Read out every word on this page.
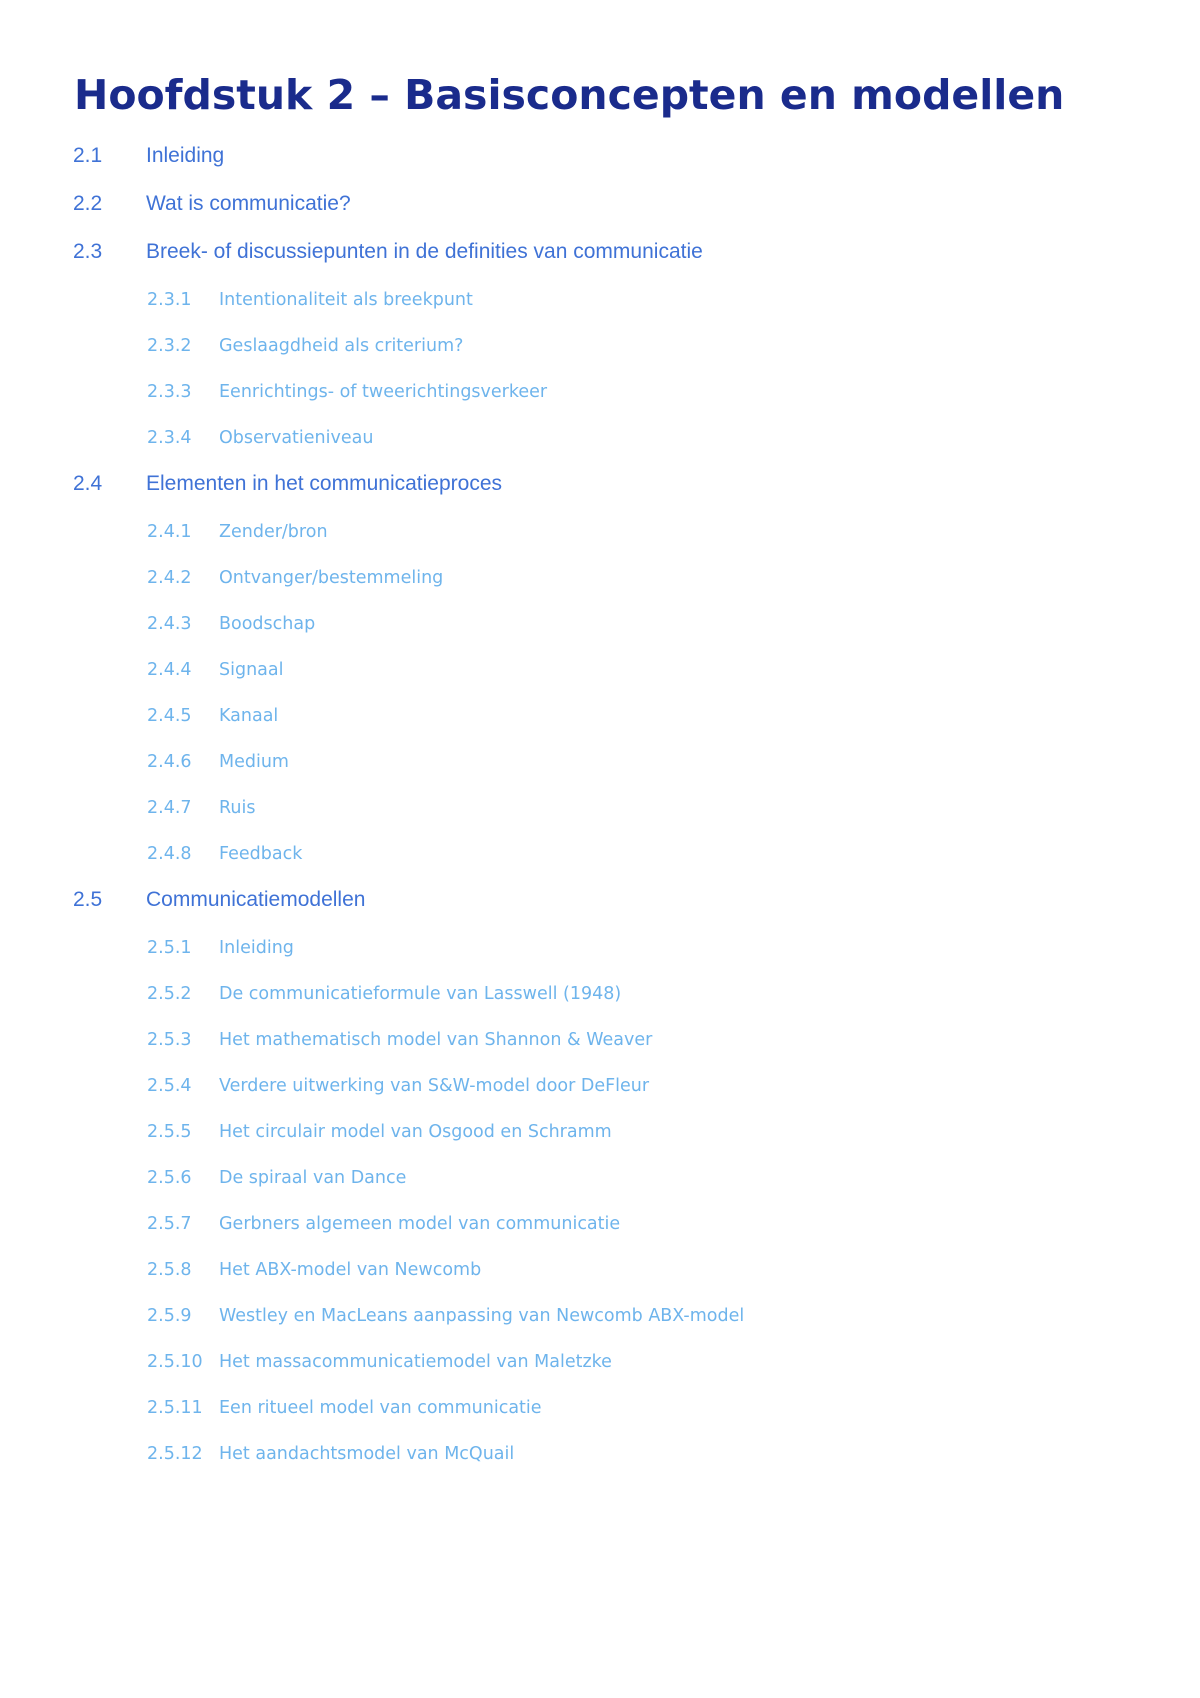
Hoofdstuk 2 – Basisconcepten en modellen
2.1 Inleiding
2.2 Wat is communicatie?
2.3 Breek- of discussiepunten in de definities van communicatie
2.3.1 Intentionaliteit als breekpunt
2.3.2 Geslaagdheid als criterium?
2.3.3 Eenrichtings- of tweerichtingsverkeer
2.3.4 Observatieniveau
2.4 Elementen in het communicatieproces
2.4.1 Zender/bron
2.4.2 Ontvanger/bestemmeling
2.4.3 Boodschap
2.4.4 Signaal
2.4.5 Kanaal
2.4.6 Medium
2.4.7 Ruis
2.4.8 Feedback
2.5 Communicatiemodellen
2.5.1 Inleiding
2.5.2 De communicatieformule van Lasswell (1948)
2.5.3 Het mathematisch model van Shannon & Weaver
2.5.4 Verdere uitwerking van S&W-model door DeFleur
2.5.5 Het circulair model van Osgood en Schramm
2.5.6 De spiraal van Dance
2.5.7 Gerbners algemeen model van communicatie
2.5.8 Het ABX-model van Newcomb
2.5.9 Westley en MacLeans aanpassing van Newcomb ABX-model
2.5.10 Het massacommunicatiemodel van Maletzke
2.5.11 Een ritueel model van communicatie
2.5.12 Het aandachtsmodel van McQuail
